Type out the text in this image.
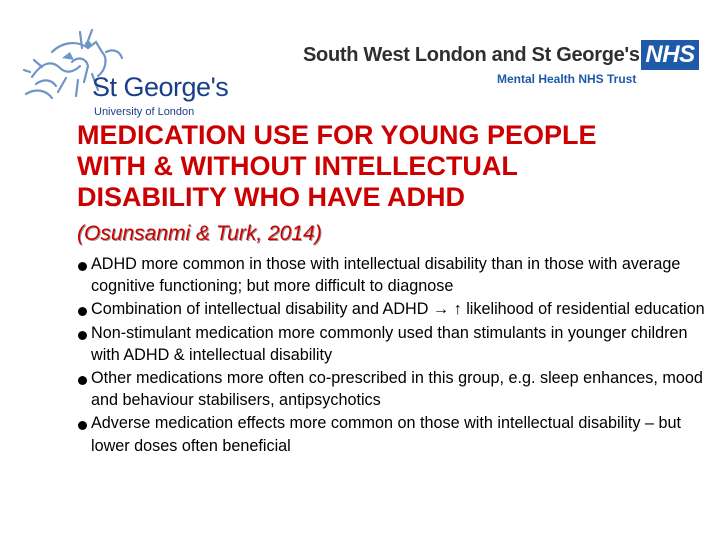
St George's
University of London
South West London and St George's NHS
Mental Health NHS Trust
MEDICATION USE FOR YOUNG PEOPLE
WITH & WITHOUT INTELLECTUAL
DISABILITY WHO HAVE ADHD
(Osunsanmi & Turk, 2014)
ADHD more common in those with intellectual disability than in those with average cognitive functioning; but more difficult to diagnose
Combination of intellectual disability and ADHD → ↑ likelihood of residential education
Non-stimulant medication more commonly used than stimulants in younger children with ADHD & intellectual disability
Other medications more often co-prescribed in this group, e.g. sleep enhances, mood and behaviour stabilisers, antipsychotics
Adverse medication effects more common on those with intellectual disability – but lower doses often beneficial
